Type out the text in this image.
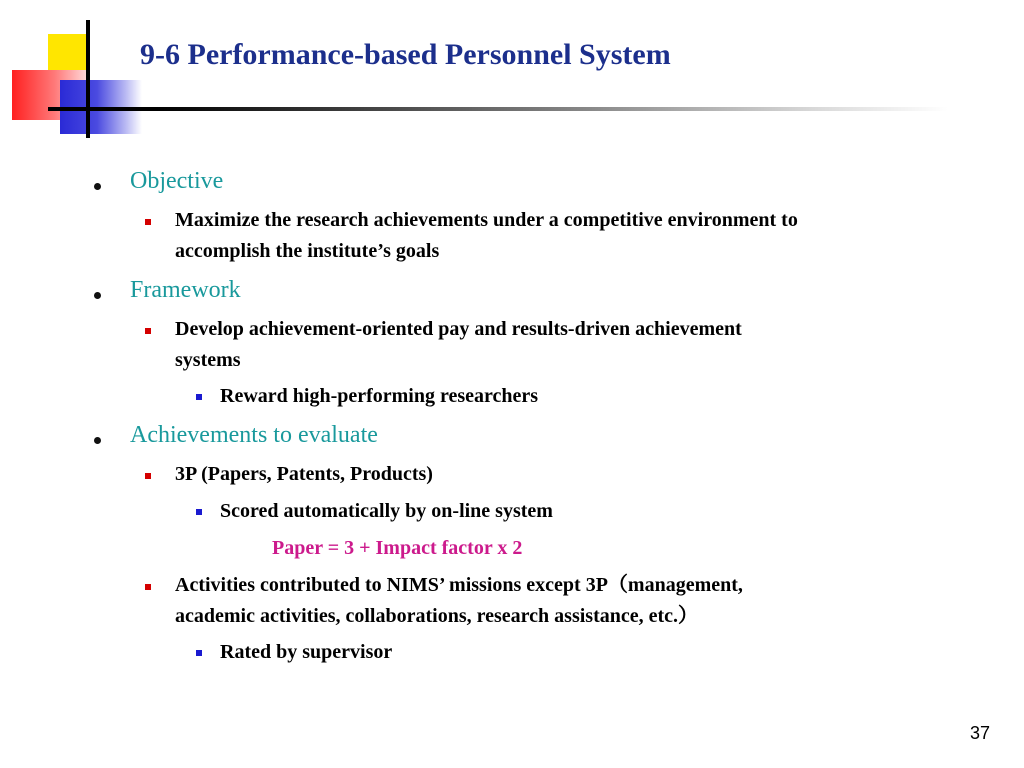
9-6 Performance-based Personnel System
Objective
Maximize the research achievements under a competitive environment to
accomplish the institute’s goals
Framework
Develop achievement-oriented pay and results-driven achievement
systems
Reward high-performing researchers
Achievements to evaluate
3P (Papers, Patents, Products)
Scored automatically by on-line system
Paper = 3 + Impact factor x 2
Activities contributed to NIMS’ missions except 3P（management,
academic activities, collaborations, research assistance, etc.）
Rated by supervisor
37
